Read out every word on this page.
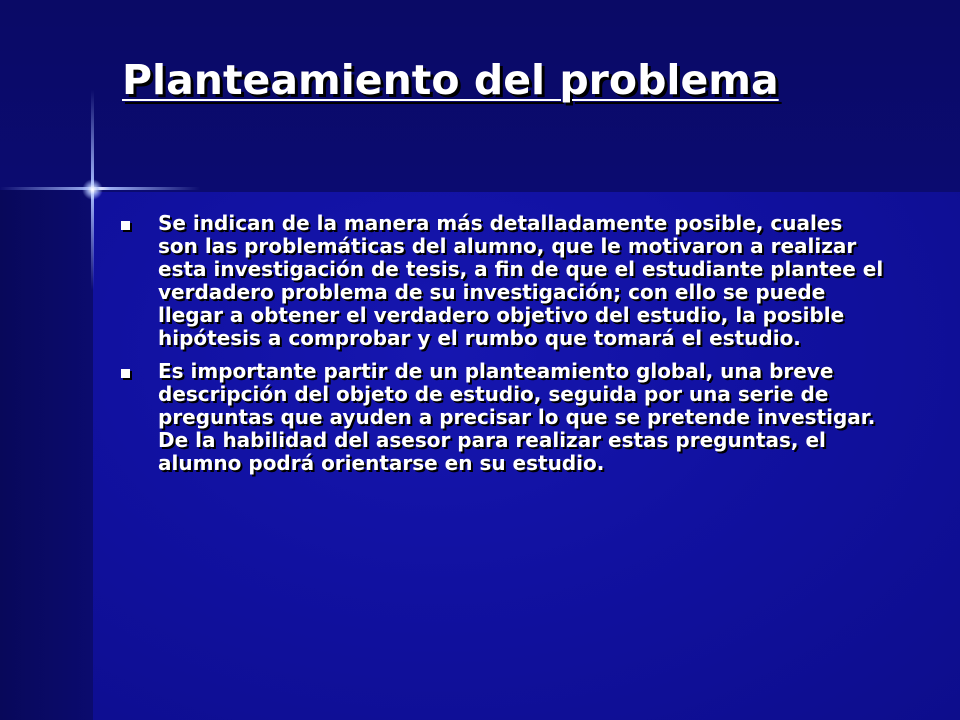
Planteamiento del problema
Se indican de la manera más detalladamente posible, cuales son las problemáticas del alumno, que le motivaron a realizar esta investigación de tesis, a fin de que el estudiante plantee el verdadero problema de su investigación; con ello se puede llegar a obtener el verdadero objetivo del estudio, la posible hipótesis a comprobar y el rumbo que tomará el estudio.
Es importante partir de un planteamiento global, una breve descripción del objeto de estudio, seguida por una serie de preguntas que ayuden a precisar lo que se pretende investigar. De la habilidad del asesor para realizar estas preguntas, el alumno podrá orientarse en su estudio.
